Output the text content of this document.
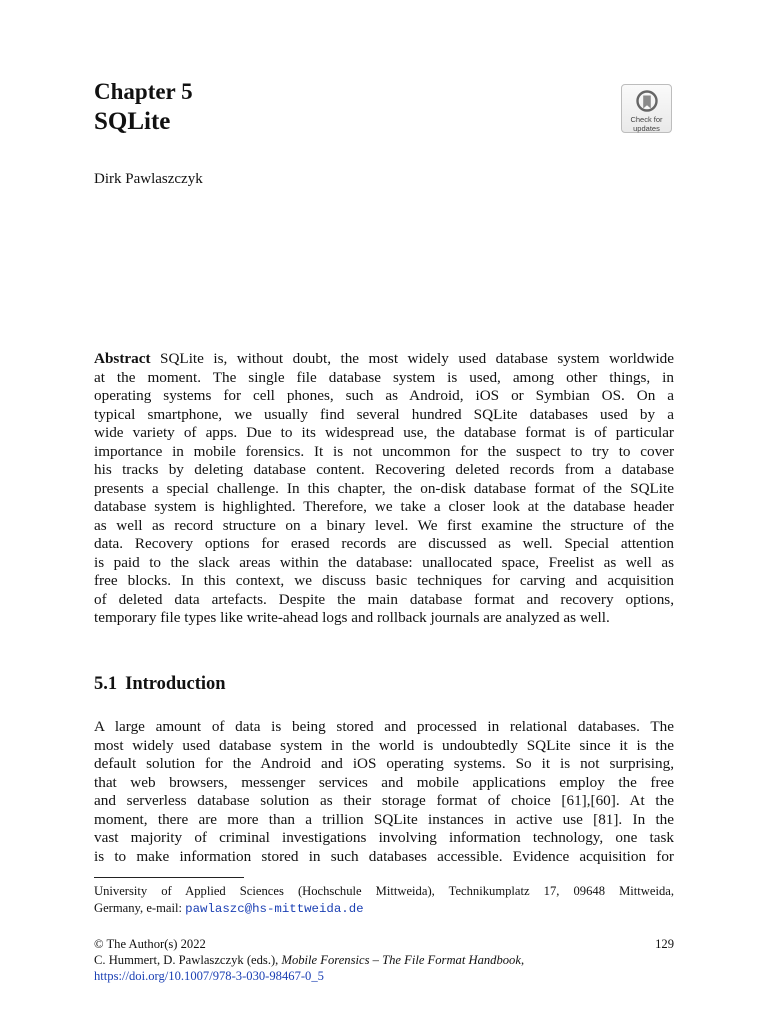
Chapter 5
SQLite	Check for
updates
Dirk Pawlaszczyk
Abstract SQLite is, without doubt, the most widely used database system worldwide
at the moment. The single file database system is used, among other things, in
operating systems for cell phones, such as Android, iOS or Symbian OS. On a
typical smartphone, we usually find several hundred SQLite databases used by a
wide variety of apps. Due to its widespread use, the database format is of particular
importance in mobile forensics. It is not uncommon for the suspect to try to cover
his tracks by deleting database content. Recovering deleted records from a database
presents a special challenge. In this chapter, the on-disk database format of the SQLite
database system is highlighted. Therefore, we take a closer look at the database header
as well as record structure on a binary level. We first examine the structure of the
data. Recovery options for erased records are discussed as well. Special attention
is paid to the slack areas within the database: unallocated space, Freelist as well as
free blocks. In this context, we discuss basic techniques for carving and acquisition
of deleted data artefacts. Despite the main database format and recovery options,
temporary file types like write-ahead logs and rollback journals are analyzed as well.
5.1 Introduction
A large amount of data is being stored and processed in relational databases. The
most widely used database system in the world is undoubtedly SQLite since it is the
default solution for the Android and iOS operating systems. So it is not surprising,
that web browsers, messenger services and mobile applications employ the free
and serverless database solution as their storage format of choice [61],[60]. At the
moment, there are more than a trillion SQLite instances in active use [81]. In the
vast majority of criminal investigations involving information technology, one task
is to make information stored in such databases accessible. Evidence acquisition for
University of Applied Sciences (Hochschule Mittweida), Technikumplatz 17, 09648 Mittweida,
Germany, e-mail: pawlaszc@hs-mittweida.de
© The Author(s) 2022	129
C. Hummert, D. Pawlaszczyk (eds.), Mobile Forensics – The File Format Handbook,
https://doi.org/10.1007/978-3-030-98467-0_5
